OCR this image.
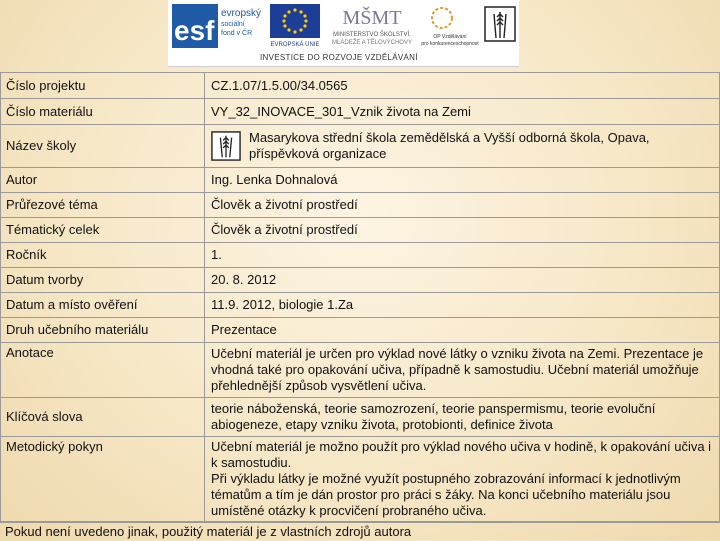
esf
evropský
sociální
fond v ČR
EVROPSKÁ UNIE
MŠMT
MINISTERSTVO ŠKOLSTVÍ,
MLÁDEŽE A TĚLOVÝCHOVY
OP Vzdělávání
pro konkurenceschopnost
INVESTICE DO ROZVOJE VZDĚLÁVÁNÍ
Číslo projektu	CZ.1.07/1.5.00/34.0565
Číslo materiálu	VY_32_INOVACE_301_Vznik života na Zemi
Název školy	Masarykova střední škola zemědělská a Vyšší odborná škola, Opava, příspěvková organizace

Autor	Ing. Lenka Dohnalová
Průřezové téma	Člověk a životní prostředí
Tématický celek	Člověk a životní prostředí
Ročník	1.
Datum tvorby	20. 8. 2012
Datum a místo ověření	11.9. 2012, biologie 1.Za
Druh učebního materiálu	Prezentace
Anotace	Učební materiál je určen pro výklad nové látky o vzniku života na Zemi. Prezentace je vhodná také pro opakování učiva, případně k samostudiu. Učební materiál umožňuje přehlednější způsob vysvětlení učiva.
Klíčová slova	teorie náboženská, teorie samozrození, teorie panspermismu, teorie evoluční abiogeneze, etapy vzniku života, protobionti, definice života
Metodický pokyn	Učební materiál je možno použít pro výklad nového učiva v hodině, k opakování učiva i k samostudiu.
Při výkladu látky je možné využít postupného zobrazování informací k jednotlivým tématům a tím je dán prostor pro práci s žáky. Na konci učebního materiálu jsou umístěné otázky k procvičení probraného učiva.
Pokud není uvedeno jinak, použitý materiál je z vlastních zdrojů autora
